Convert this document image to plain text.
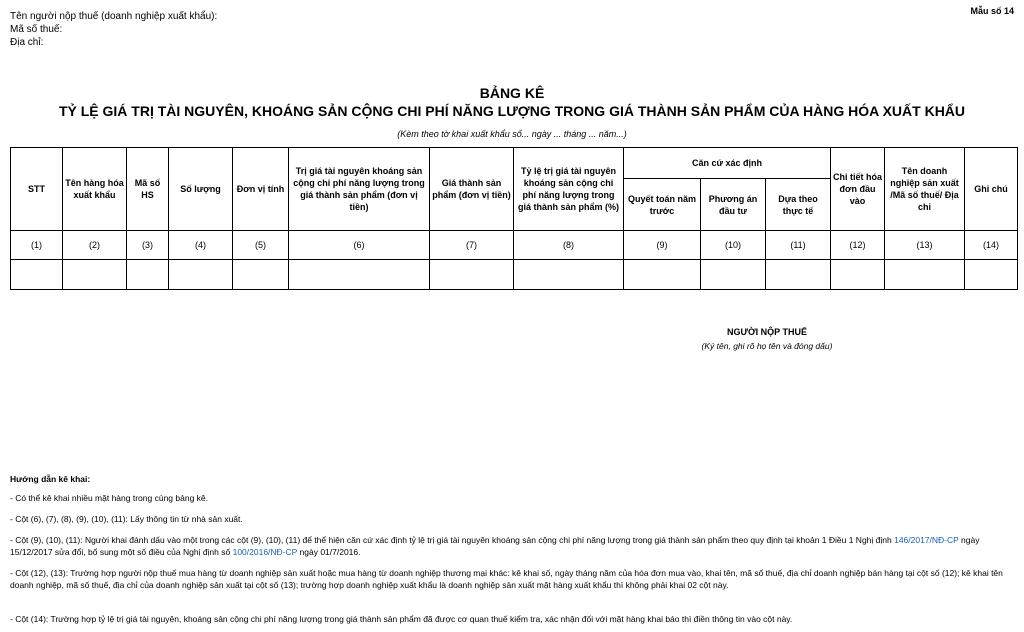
Tên người nộp thuế (doanh nghiệp xuất khẩu):
Mã số thuế:
Địa chỉ:
Mẫu số 14
BẢNG KÊ
TỶ LỆ GIÁ TRỊ TÀI NGUYÊN, KHOÁNG SẢN CỘNG CHI PHÍ NĂNG LƯỢNG TRONG GIÁ THÀNH SẢN PHẨM CỦA HÀNG HÓA XUẤT KHẨU
(Kèm theo tờ khai xuất khẩu số... ngày ... tháng ... năm...)
STT	Tên hàng hóa xuất khẩu	Mã số HS	Số lượng	Đơn vị tính	Trị giá tài nguyên khoáng sản cộng chi phí năng lượng trong giá thành sản phẩm (đơn vị tiền)	Giá thành sản phẩm (đơn vị tiền)	Tỷ lệ trị giá tài nguyên khoáng sản cộng chi phí năng lượng trong giá thành sản phẩm (%)	Căn cứ xác định			Chi tiết hóa đơn đầu vào	Tên doanh nghiệp sản xuất /Mã số thuế/ Địa chỉ	Ghi chú
								Quyết toán năm trước	Phương án đầu tư	Dựa theo thực tế			
(1)	(2)	(3)	(4)	(5)	(6)	(7)	(8)	(9)	(10)	(11)	(12)	(13)	(14)

NGƯỜI NỘP THUẾ
(Ký tên, ghi rõ họ tên và đóng dấu)
Hướng dẫn kê khai:
- Có thể kê khai nhiều mặt hàng trong cùng bảng kê.
- Cột (6), (7), (8), (9), (10), (11): Lấy thông tin từ nhà sản xuất.
- Cột (9), (10), (11): Người khai đánh dấu vào một trong các cột (9), (10), (11) để thể hiện căn cứ xác định tỷ lệ trị giá tài nguyên khoáng sản cộng chi phí năng lượng trong giá thành sản phẩm theo quy định tại khoản 1 Điều 1 Nghị định 146/2017/NĐ-CP ngày 15/12/2017 sửa đổi, bổ sung một số điều của Nghị định số 100/2016/NĐ-CP ngày 01/7/2016.
- Cột (12), (13): Trường hợp người nộp thuế mua hàng từ doanh nghiệp sản xuất hoặc mua hàng từ doanh nghiệp thương mại khác: kê khai số, ngày tháng năm của hóa đơn mua vào, khai tên, mã số thuế, địa chỉ doanh nghiệp bán hàng tại cột số (12); kê khai tên doanh nghiệp, mã số thuế, địa chỉ của doanh nghiệp sản xuất tại cột số (13); trường hợp doanh nghiệp xuất khẩu là doanh nghiệp sản xuất mặt hàng xuất khẩu thì không phải khai 02 cột này.
- Cột (14): Trường hợp tỷ lệ trị giá tài nguyên, khoáng sản cộng chi phí năng lượng trong giá thành sản phẩm đã được cơ quan thuế kiểm tra, xác nhận đối với mặt hàng khai báo thì điền thông tin vào cột này.
